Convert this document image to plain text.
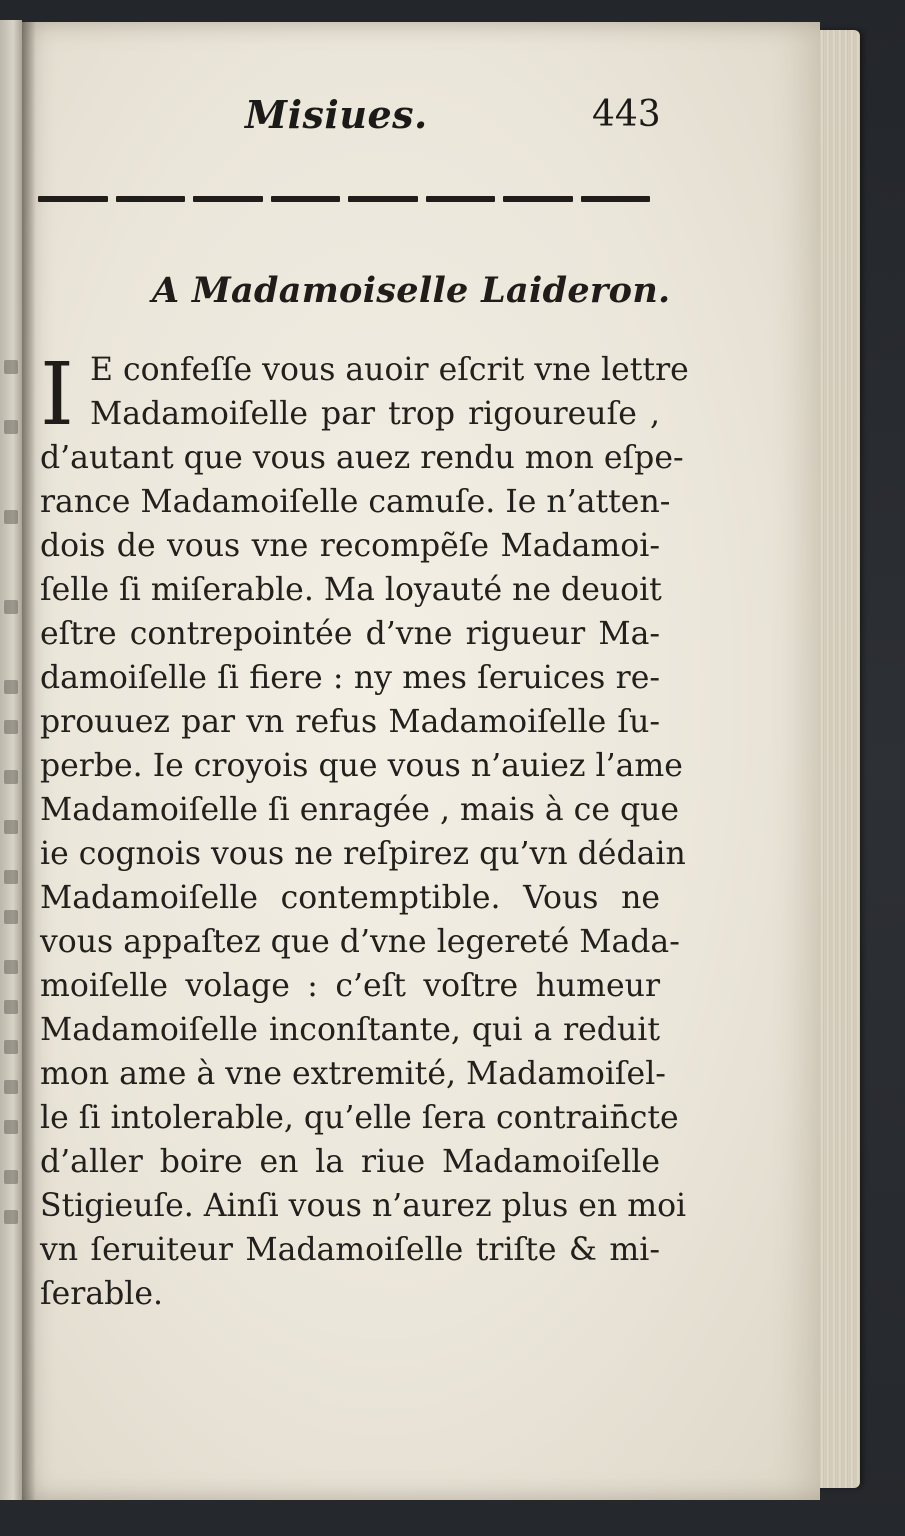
Misiues.	443
A Madamoiselle Laideron.
I E confeſſe vous auoir eſcrit vne lettre
Madamoiſelle par trop rigoureuſe ,
d’autant que vous auez rendu mon eſpe-
rance Madamoiſelle camuſe. Ie n’atten-
dois de vous vne recompẽſe Madamoi-
ſelle ſi miſerable. Ma loyauté ne deuoit
eſtre contrepointée d’vne rigueur Ma-
damoiſelle ſi fiere : ny mes ſeruices re-
prouuez par vn refus Madamoiſelle ſu-
perbe. Ie croyois que vous n’auiez l’ame
Madamoiſelle ſi enragée , mais à ce que
ie cognois vous ne reſpirez qu’vn dédain
Madamoiſelle contemptible. Vous ne
vous appaſtez que d’vne legereté Mada-
moiſelle volage : c’eſt voſtre humeur
Madamoiſelle inconſtante, qui a reduit
mon ame à vne extremité, Madamoiſel-
le ſi intolerable, qu’elle ſera contrain̄cte
d’aller boire en la riue Madamoiſelle
Stigieuſe. Ainſi vous n’aurez plus en moi
vn ſeruiteur Madamoiſelle triſte & mi-
ſerable.
